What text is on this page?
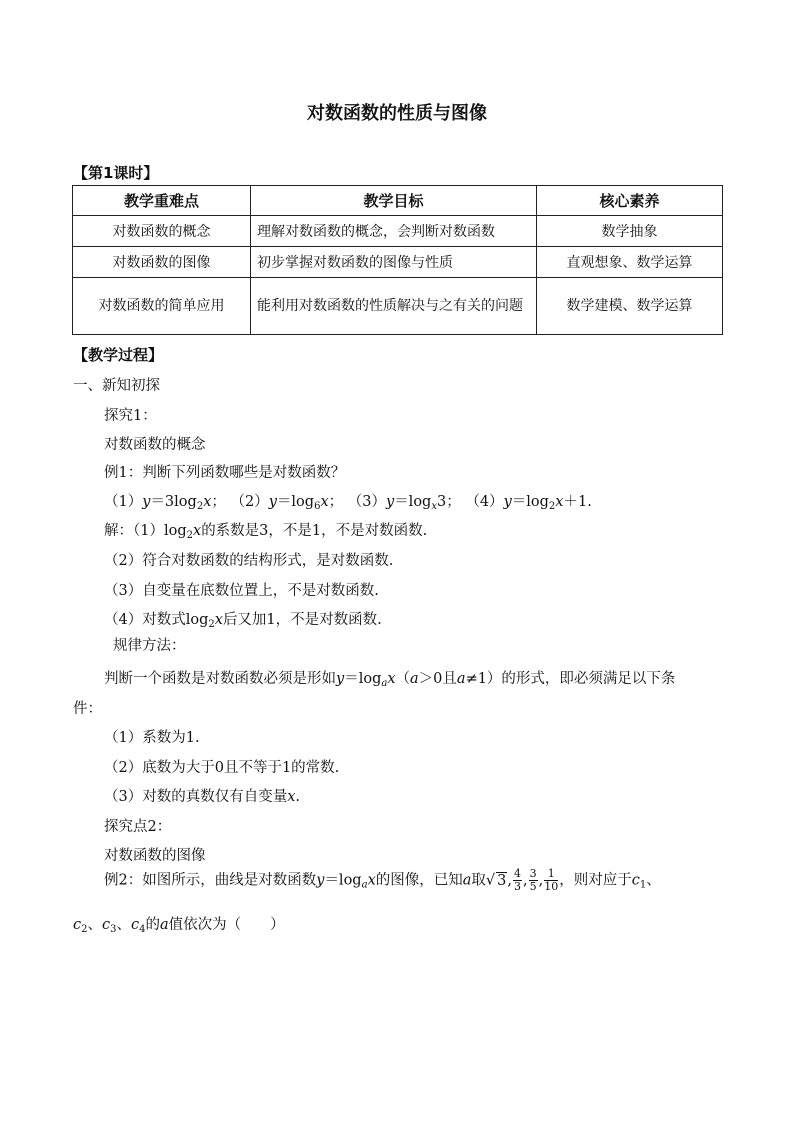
对数函数的性质与图像
【第1课时】
教学重难点	教学目标	核心素养
对数函数的概念	理解对数函数的概念，会判断对数函数	数学抽象
对数函数的图像	初步掌握对数函数的图像与性质	直观想象、数学运算
对数函数的简单应用	能利用对数函数的性质解决与之有关的问题	数学建模、数学运算
【教学过程】
一、新知初探
探究1：
对数函数的概念
例1：判断下列函数哪些是对数函数？
$(1)y=3\log_2x$； $(2)y=\log_6x$； $(3)y=\log_x3$； $(4)y=\log_2x+1$.
解：$(1)\log_2x$的系数是3，不是1，不是对数函数.
（2）符合对数函数的结构形式，是对数函数.
（3）自变量在底数位置上，不是对数函数.
（4）对数式$\log_2x$后又加1，不是对数函数.
规律方法：
判断一个函数是对数函数必须是形如$y=\log_ax(a>0$且a≠1）的形式，即必须满足以下条
件：
（1）系数为1.
（2）底数为大于0且不等于1的常数.
（3）对数的真数仅有自变量x.
探究点2：
对数函数的图像
例2：如图所示，曲线是对数函数$y=\log_ax$的图像，已知a取√ 3, $\frac{4}{3}$ , $\frac{3}{5}$ , $\frac{1}{10}$ ，则对应于$c_1$、
$c_2$、$c_3$、$c_4$的a值依次为（　　）
